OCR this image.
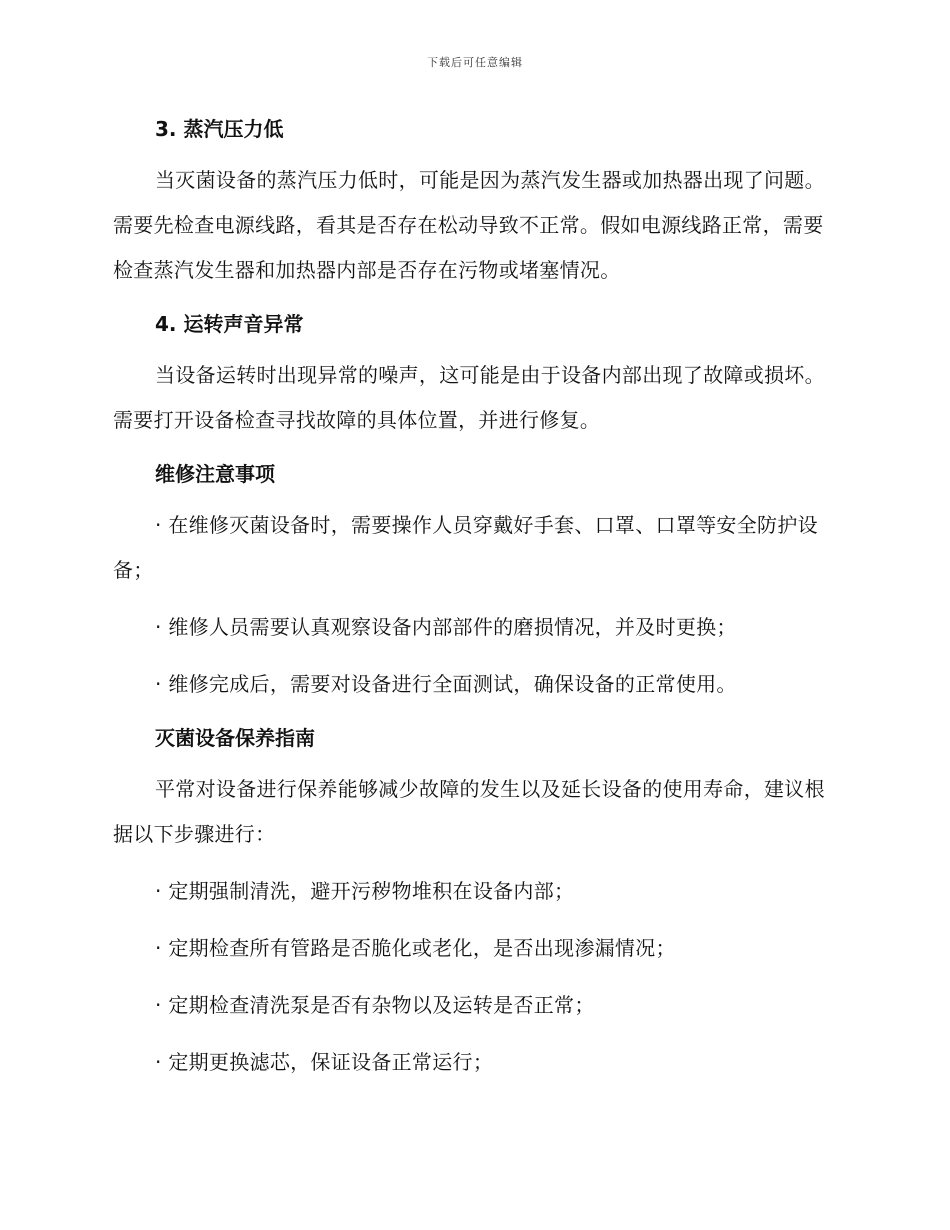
下载后可任意编辑
3. 蒸汽压力低

当灭菌设备的蒸汽压力低时，可能是因为蒸汽发生器或加热器出现了问题。需要先检查电源线路，看其是否存在松动导致不正常。假如电源线路正常，需要检查蒸汽发生器和加热器内部是否存在污物或堵塞情况。

4. 运转声音异常

当设备运转时出现异常的噪声，这可能是由于设备内部出现了故障或损坏。需要打开设备检查寻找故障的具体位置，并进行修复。

维修注意事项

· 在维修灭菌设备时，需要操作人员穿戴好手套、口罩、口罩等安全防护设备；

· 维修人员需要认真观察设备内部部件的磨损情况，并及时更换；

· 维修完成后，需要对设备进行全面测试，确保设备的正常使用。

灭菌设备保养指南

平常对设备进行保养能够减少故障的发生以及延长设备的使用寿命，建议根据以下步骤进行：

· 定期强制清洗，避开污秽物堆积在设备内部；

· 定期检查所有管路是否脆化或老化，是否出现渗漏情况；

· 定期检查清洗泵是否有杂物以及运转是否正常；

· 定期更换滤芯，保证设备正常运行；
